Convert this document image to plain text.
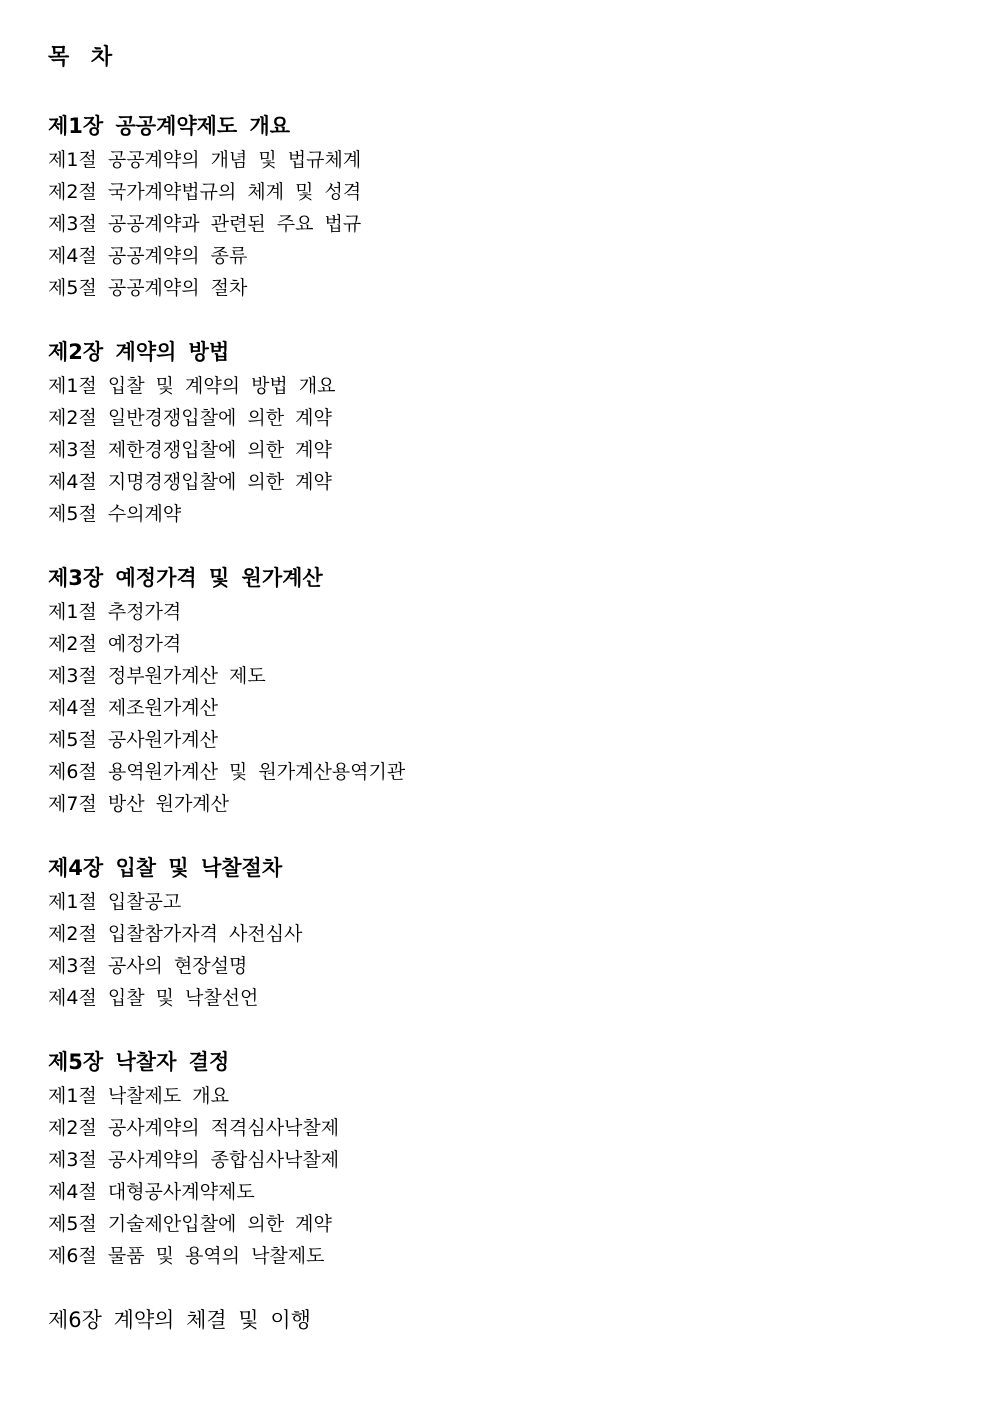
목 차
제1장 공공계약제도 개요
제1절 공공계약의 개념 및 법규체계
제2절 국가계약법규의 체계 및 성격
제3절 공공계약과 관련된 주요 법규
제4절 공공계약의 종류
제5절 공공계약의 절차
제2장 계약의 방법
제1절 입찰 및 계약의 방법 개요
제2절 일반경쟁입찰에 의한 계약
제3절 제한경쟁입찰에 의한 계약
제4절 지명경쟁입찰에 의한 계약
제5절 수의계약
제3장 예정가격 및 원가계산
제1절 추정가격
제2절 예정가격
제3절 정부원가계산 제도
제4절 제조원가계산
제5절 공사원가계산
제6절 용역원가계산 및 원가계산용역기관
제7절 방산 원가계산
제4장 입찰 및 낙찰절차
제1절 입찰공고
제2절 입찰참가자격 사전심사
제3절 공사의 현장설명
제4절 입찰 및 낙찰선언
제5장 낙찰자 결정
제1절 낙찰제도 개요
제2절 공사계약의 적격심사낙찰제
제3절 공사계약의 종합심사낙찰제
제4절 대형공사계약제도
제5절 기술제안입찰에 의한 계약
제6절 물품 및 용역의 낙찰제도
제6장 계약의 체결 및 이행
